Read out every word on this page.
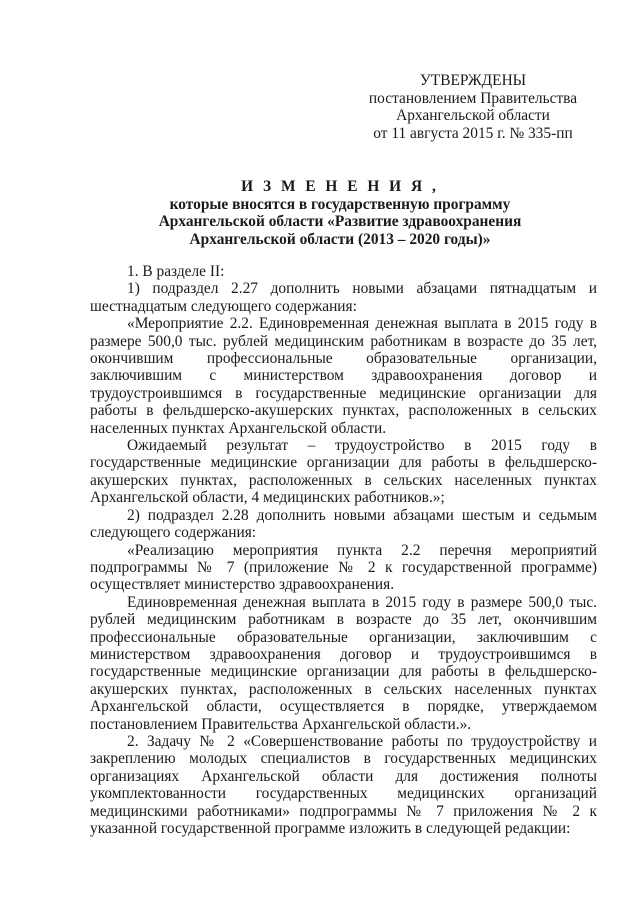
УТВЕРЖДЕНЫ
постановлением Правительства
Архангельской области
от 11 августа 2015 г. № 335-пп
И З М Е Н Е Н И Я ,
которые вносятся в государственную программу
Архангельской области «Развитие здравоохранения
Архангельской области (2013 – 2020 годы)»

1. В разделе II:

1) подраздел 2.27 дополнить новыми абзацами пятнадцатым и шестнадцатым следующего содержания:

«Мероприятие 2.2. Единовременная денежная выплата в 2015 году в размере 500,0 тыс. рублей медицинским работникам в возрасте до 35 лет, окончившим профессиональные образовательные организации, заключившим с министерством здравоохранения договор и трудоустроившимся в государственные медицинские организации для работы в фельдшерско-акушерских пунктах, расположенных в сельских населенных пунктах Архангельской области.

Ожидаемый результат – трудоустройство в 2015 году в государственные медицинские организации для работы в фельдшерско-акушерских пунктах, расположенных в сельских населенных пунктах Архангельской области, 4 медицинских работников.»;

2) подраздел 2.28 дополнить новыми абзацами шестым и седьмым следующего содержания:

«Реализацию мероприятия пункта 2.2 перечня мероприятий подпрограммы № 7 (приложение № 2 к государственной программе) осуществляет министерство здравоохранения.

Единовременная денежная выплата в 2015 году в размере 500,0 тыс. рублей медицинским работникам в возрасте до 35 лет, окончившим профессиональные образовательные организации, заключившим с министерством здравоохранения договор и трудоустроившимся в государственные медицинские организации для работы в фельдшерско-акушерских пунктах, расположенных в сельских населенных пунктах Архангельской области, осуществляется в порядке, утверждаемом постановлением Правительства Архангельской области.».

2. Задачу № 2 «Совершенствование работы по трудоустройству и закреплению молодых специалистов в государственных медицинских организациях Архангельской области для достижения полноты укомплектованности государственных медицинских организаций медицинскими работниками» подпрограммы № 7 приложения № 2 к указанной государственной программе изложить в следующей редакции:
